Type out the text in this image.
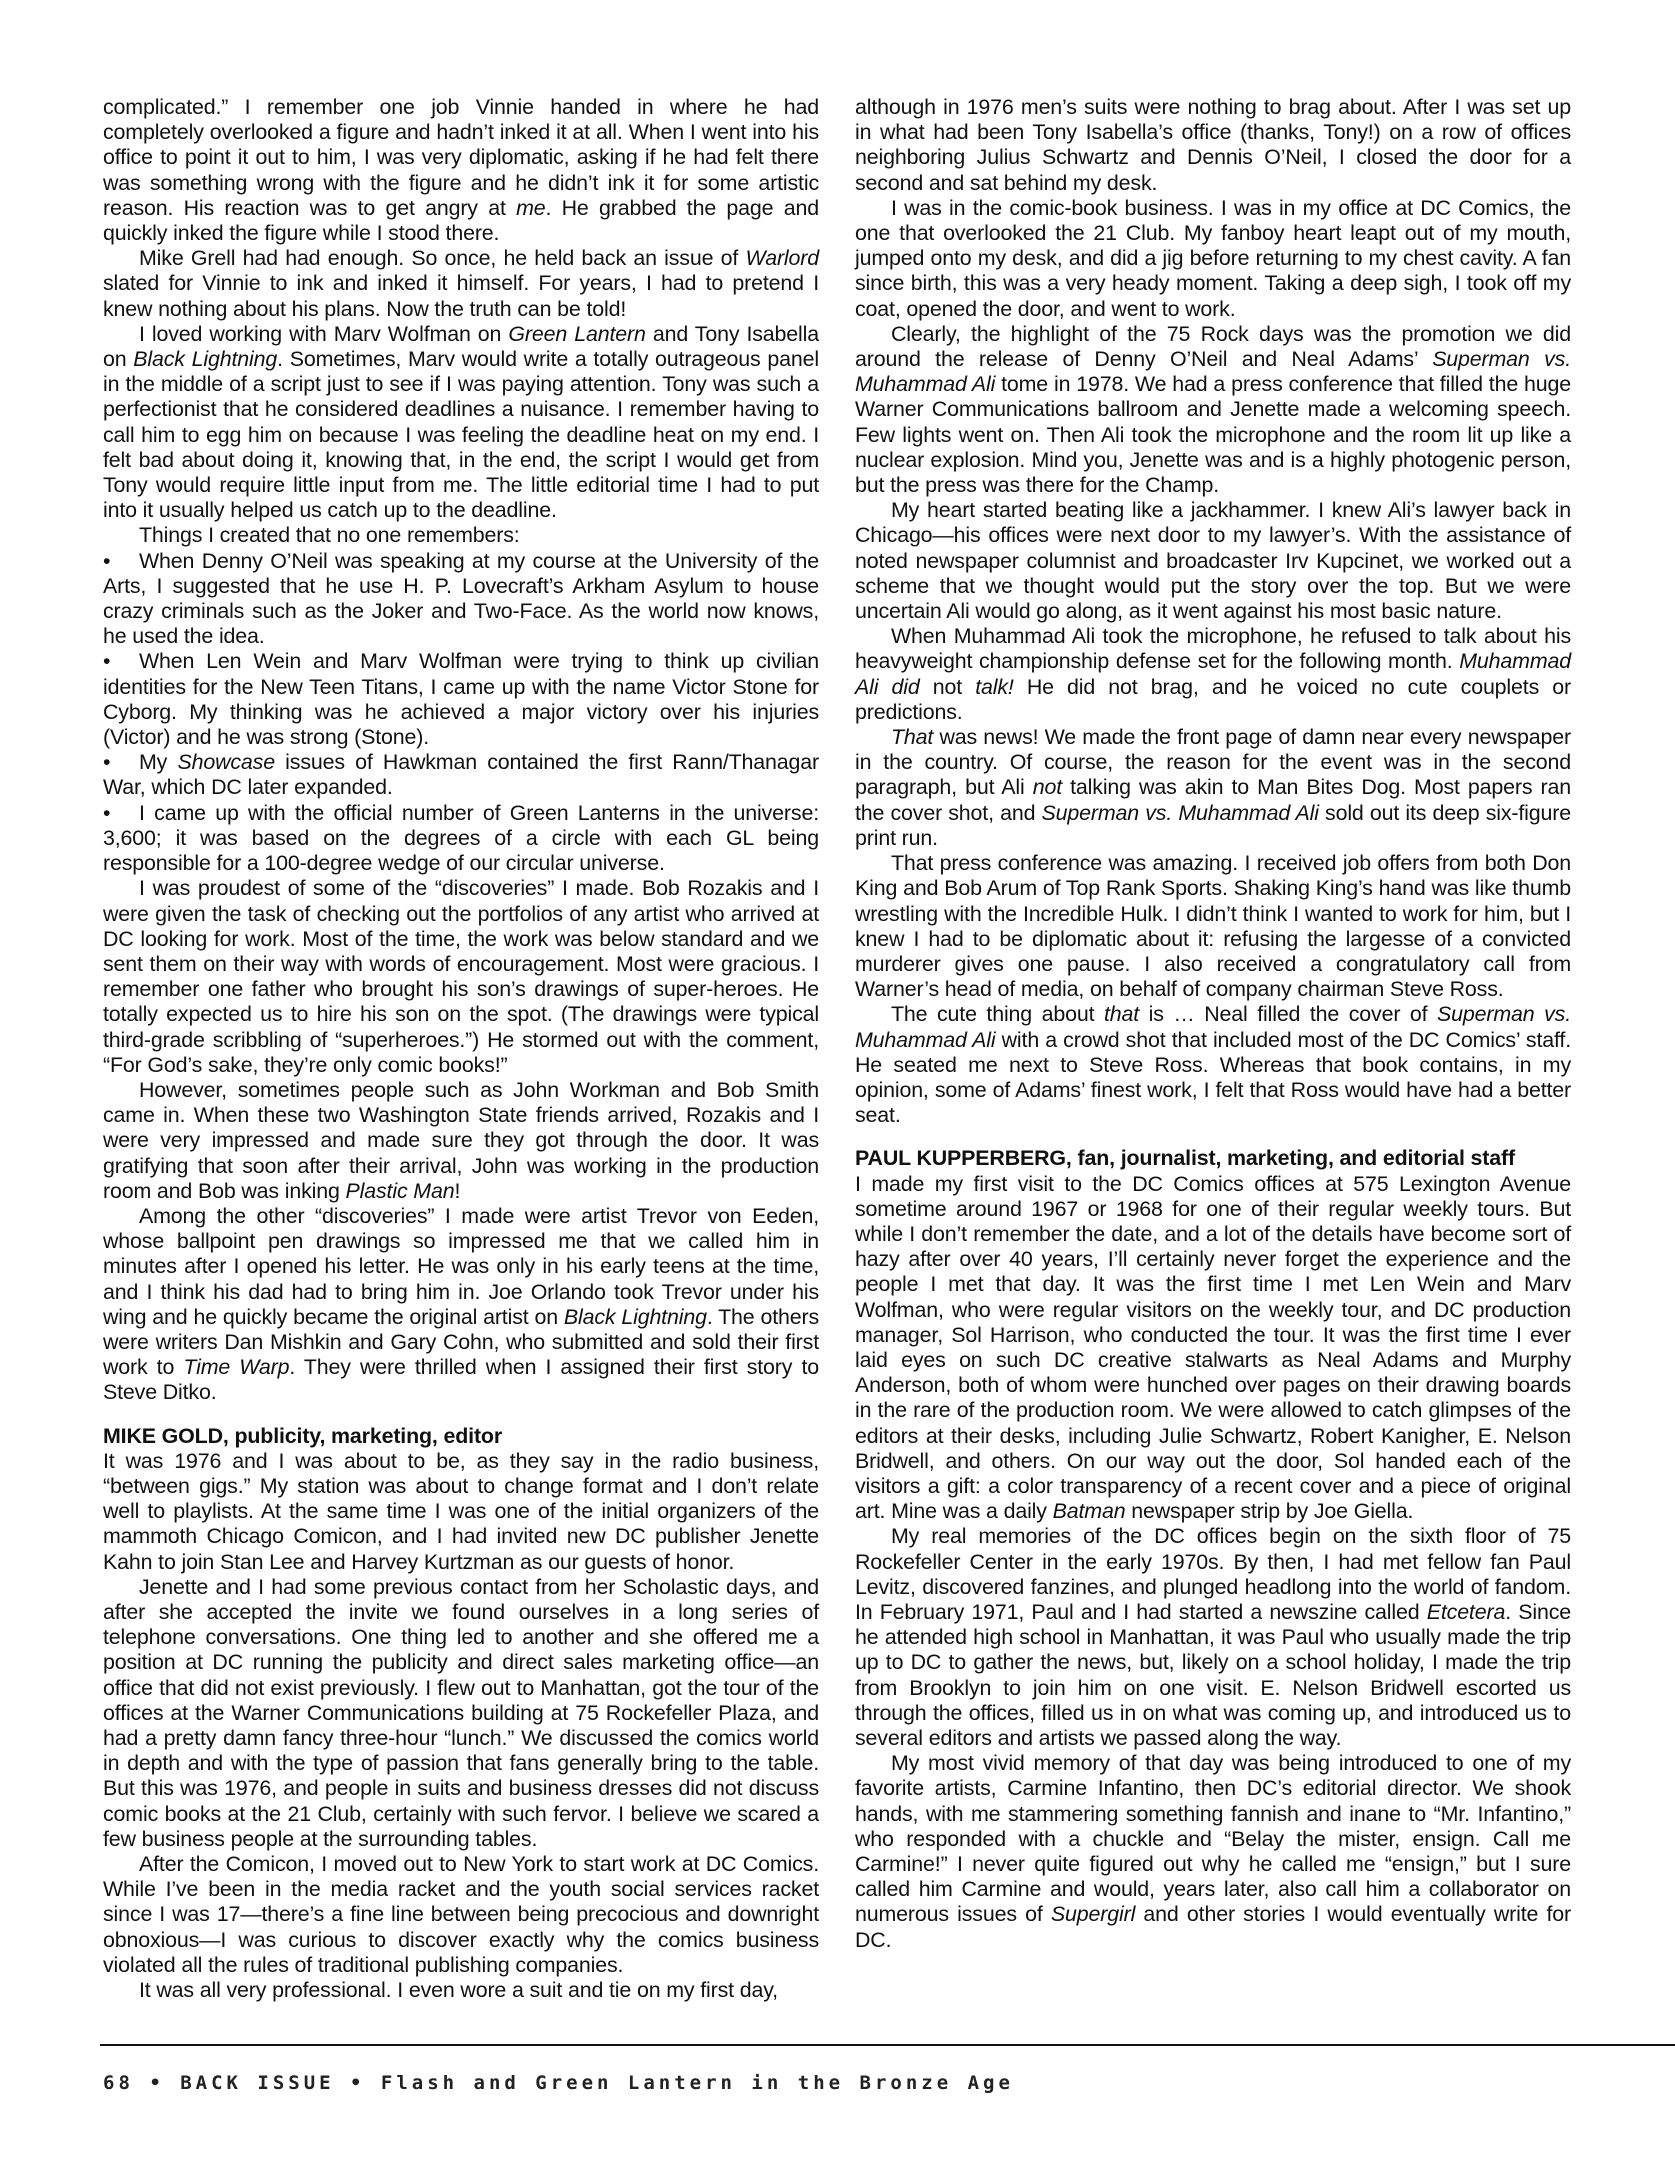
complicated.” I remember one job Vinnie handed in where he had completely overlooked a figure and hadn’t inked it at all. When I went into his office to point it out to him, I was very diplomatic, asking if he had felt there was something wrong with the figure and he didn’t ink it for some artistic reason. His reaction was to get angry at me. He grabbed the page and quickly inked the figure while I stood there.

Mike Grell had had enough. So once, he held back an issue of Warlord slated for Vinnie to ink and inked it himself. For years, I had to pretend I knew nothing about his plans. Now the truth can be told!

I loved working with Marv Wolfman on Green Lantern and Tony Isabella on Black Lightning. Sometimes, Marv would write a totally outrageous panel in the middle of a script just to see if I was paying attention. Tony was such a perfectionist that he considered deadlines a nuisance. I remember having to call him to egg him on because I was feeling the deadline heat on my end. I felt bad about doing it, knowing that, in the end, the script I would get from Tony would require little input from me. The little editorial time I had to put into it usually helped us catch up to the deadline.

Things I created that no one remembers:

• When Denny O’Neil was speaking at my course at the University of the Arts, I suggested that he use H. P. Lovecraft’s Arkham Asylum to house crazy criminals such as the Joker and Two-Face. As the world now knows, he used the idea.

• When Len Wein and Marv Wolfman were trying to think up civilian identities for the New Teen Titans, I came up with the name Victor Stone for Cyborg. My thinking was he achieved a major victory over his injuries (Victor) and he was strong (Stone).

• My Showcase issues of Hawkman contained the first Rann/Thanagar War, which DC later expanded.

• I came up with the official number of Green Lanterns in the universe: 3,600; it was based on the degrees of a circle with each GL being responsible for a 100-degree wedge of our circular universe.

I was proudest of some of the “discoveries” I made. Bob Rozakis and I were given the task of checking out the portfolios of any artist who arrived at DC looking for work. Most of the time, the work was below standard and we sent them on their way with words of encouragement. Most were gracious. I remember one father who brought his son’s drawings of super-heroes. He totally expected us to hire his son on the spot. (The drawings were typical third-grade scribbling of “superheroes.”) He stormed out with the comment, “For God’s sake, they’re only comic books!”

However, sometimes people such as John Workman and Bob Smith came in. When these two Washington State friends arrived, Rozakis and I were very impressed and made sure they got through the door. It was gratifying that soon after their arrival, John was working in the production room and Bob was inking Plastic Man!

Among the other “discoveries” I made were artist Trevor von Eeden, whose ballpoint pen drawings so impressed me that we called him in minutes after I opened his letter. He was only in his early teens at the time, and I think his dad had to bring him in. Joe Orlando took Trevor under his wing and he quickly became the original artist on Black Lightning. The others were writers Dan Mishkin and Gary Cohn, who submitted and sold their first work to Time Warp. They were thrilled when I assigned their first story to Steve Ditko.

MIKE GOLD, publicity, marketing, editor

It was 1976 and I was about to be, as they say in the radio business, “between gigs.” My station was about to change format and I don’t relate well to playlists. At the same time I was one of the initial organizers of the mammoth Chicago Comicon, and I had invited new DC publisher Jenette Kahn to join Stan Lee and Harvey Kurtzman as our guests of honor.

Jenette and I had some previous contact from her Scholastic days, and after she accepted the invite we found ourselves in a long series of telephone conversations. One thing led to another and she offered me a position at DC running the publicity and direct sales marketing office—an office that did not exist previously. I flew out to Manhattan, got the tour of the offices at the Warner Communications building at 75 Rockefeller Plaza, and had a pretty damn fancy three-hour “lunch.” We discussed the comics world in depth and with the type of passion that fans generally bring to the table. But this was 1976, and people in suits and business dresses did not discuss comic books at the 21 Club, certainly with such fervor. I believe we scared a few business people at the surrounding tables.

After the Comicon, I moved out to New York to start work at DC Comics. While I’ve been in the media racket and the youth social services racket since I was 17—there’s a fine line between being precocious and downright obnoxious—I was curious to discover exactly why the comics business violated all the rules of traditional publishing companies.

It was all very professional. I even wore a suit and tie on my first day,

although in 1976 men’s suits were nothing to brag about. After I was set up in what had been Tony Isabella’s office (thanks, Tony!) on a row of offices neighboring Julius Schwartz and Dennis O’Neil, I closed the door for a second and sat behind my desk.

I was in the comic-book business. I was in my office at DC Comics, the one that overlooked the 21 Club. My fanboy heart leapt out of my mouth, jumped onto my desk, and did a jig before returning to my chest cavity. A fan since birth, this was a very heady moment. Taking a deep sigh, I took off my coat, opened the door, and went to work.

Clearly, the highlight of the 75 Rock days was the promotion we did around the release of Denny O’Neil and Neal Adams’ Superman vs. Muhammad Ali tome in 1978. We had a press conference that filled the huge Warner Communications ballroom and Jenette made a welcoming speech. Few lights went on. Then Ali took the microphone and the room lit up like a nuclear explosion. Mind you, Jenette was and is a highly photogenic person, but the press was there for the Champ.

My heart started beating like a jackhammer. I knew Ali’s lawyer back in Chicago—his offices were next door to my lawyer’s. With the assistance of noted newspaper columnist and broadcaster Irv Kupcinet, we worked out a scheme that we thought would put the story over the top. But we were uncertain Ali would go along, as it went against his most basic nature.

When Muhammad Ali took the microphone, he refused to talk about his heavyweight championship defense set for the following month. Muhammad Ali did not talk! He did not brag, and he voiced no cute couplets or predictions.

That was news! We made the front page of damn near every newspaper in the country. Of course, the reason for the event was in the second paragraph, but Ali not talking was akin to Man Bites Dog. Most papers ran the cover shot, and Superman vs. Muhammad Ali sold out its deep six-figure print run.

That press conference was amazing. I received job offers from both Don King and Bob Arum of Top Rank Sports. Shaking King’s hand was like thumb wrestling with the Incredible Hulk. I didn’t think I wanted to work for him, but I knew I had to be diplomatic about it: refusing the largesse of a convicted murderer gives one pause. I also received a congratulatory call from Warner’s head of media, on behalf of company chairman Steve Ross.

The cute thing about that is … Neal filled the cover of Superman vs. Muhammad Ali with a crowd shot that included most of the DC Comics’ staff. He seated me next to Steve Ross. Whereas that book contains, in my opinion, some of Adams’ finest work, I felt that Ross would have had a better seat.

PAUL KUPPERBERG, fan, journalist, marketing, and editorial staff

I made my first visit to the DC Comics offices at 575 Lexington Avenue sometime around 1967 or 1968 for one of their regular weekly tours. But while I don’t remember the date, and a lot of the details have become sort of hazy after over 40 years, I’ll certainly never forget the experience and the people I met that day. It was the first time I met Len Wein and Marv Wolfman, who were regular visitors on the weekly tour, and DC production manager, Sol Harrison, who conducted the tour. It was the first time I ever laid eyes on such DC creative stalwarts as Neal Adams and Murphy Anderson, both of whom were hunched over pages on their drawing boards in the rare of the production room. We were allowed to catch glimpses of the editors at their desks, including Julie Schwartz, Robert Kanigher, E. Nelson Bridwell, and others. On our way out the door, Sol handed each of the visitors a gift: a color transparency of a recent cover and a piece of original art. Mine was a daily Batman newspaper strip by Joe Giella.

My real memories of the DC offices begin on the sixth floor of 75 Rockefeller Center in the early 1970s. By then, I had met fellow fan Paul Levitz, discovered fanzines, and plunged headlong into the world of fandom. In February 1971, Paul and I had started a newszine called Etcetera. Since he attended high school in Manhattan, it was Paul who usually made the trip up to DC to gather the news, but, likely on a school holiday, I made the trip from Brooklyn to join him on one visit. E. Nelson Bridwell escorted us through the offices, filled us in on what was coming up, and introduced us to several editors and artists we passed along the way.

My most vivid memory of that day was being introduced to one of my favorite artists, Carmine Infantino, then DC’s editorial director. We shook hands, with me stammering something fannish and inane to “Mr. Infantino,” who responded with a chuckle and “Belay the mister, ensign. Call me Carmine!” I never quite figured out why he called me “ensign,” but I sure called him Carmine and would, years later, also call him a collaborator on numerous issues of Supergirl and other stories I would eventually write for DC.

68 • BACK ISSUE • Flash and Green Lantern in the Bronze Age
